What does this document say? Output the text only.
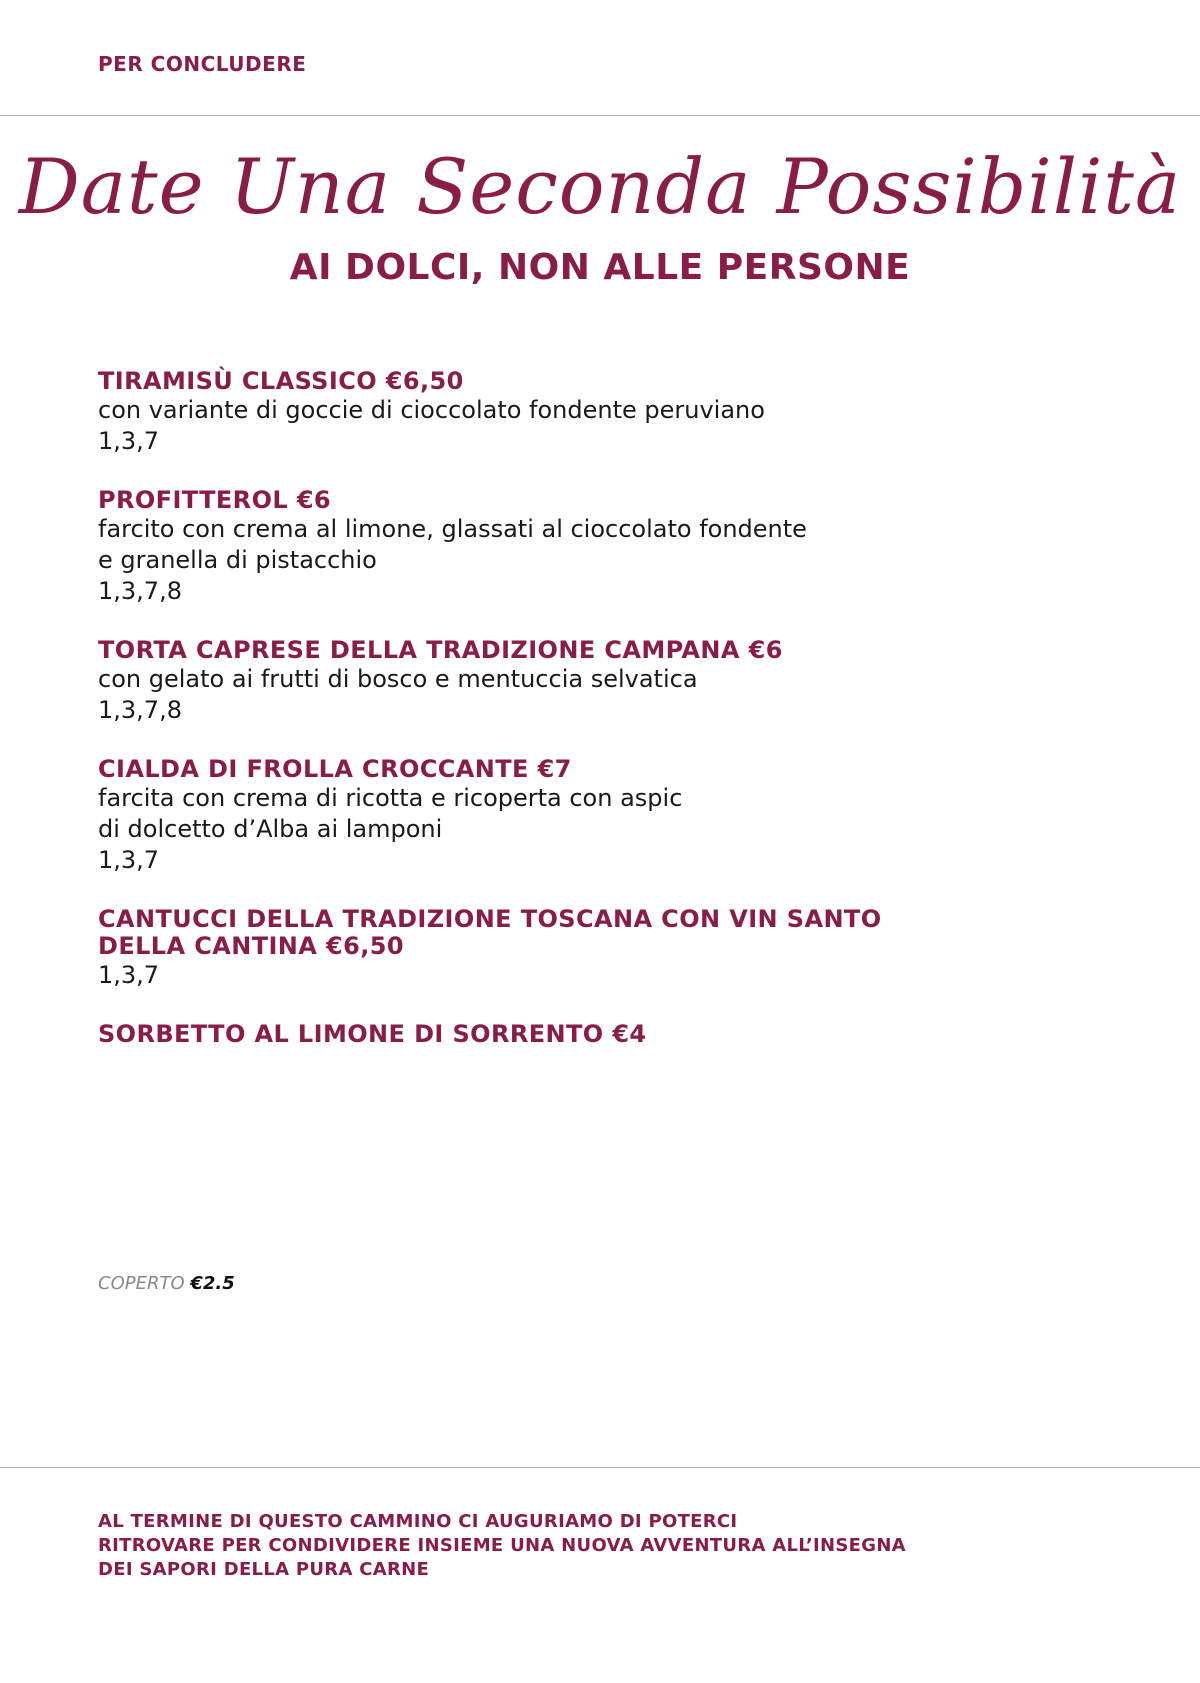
PER CONCLUDERE
Date Una Seconda Possibilità
AI DOLCI, NON ALLE PERSONE
TIRAMISÙ CLASSICO €6,50
con variante di goccie di cioccolato fondente peruviano
1,3,7
PROFITTEROL €6
farcito con crema al limone, glassati al cioccolato fondente
e granella di pistacchio
1,3,7,8
TORTA CAPRESE DELLA TRADIZIONE CAMPANA €6
con gelato ai frutti di bosco e mentuccia selvatica
1,3,7,8
CIALDA DI FROLLA CROCCANTE €7
farcita con crema di ricotta e ricoperta con aspic
di dolcetto d’Alba ai lamponi
1,3,7
CANTUCCI DELLA TRADIZIONE TOSCANA CON VIN SANTO
DELLA CANTINA €6,50
1,3,7
SORBETTO AL LIMONE DI SORRENTO €4
COPERTO €2.5
AL TERMINE DI QUESTO CAMMINO CI AUGURIAMO DI POTERCI
RITROVARE PER CONDIVIDERE INSIEME UNA NUOVA AVVENTURA ALL’INSEGNA
DEI SAPORI DELLA PURA CARNE
